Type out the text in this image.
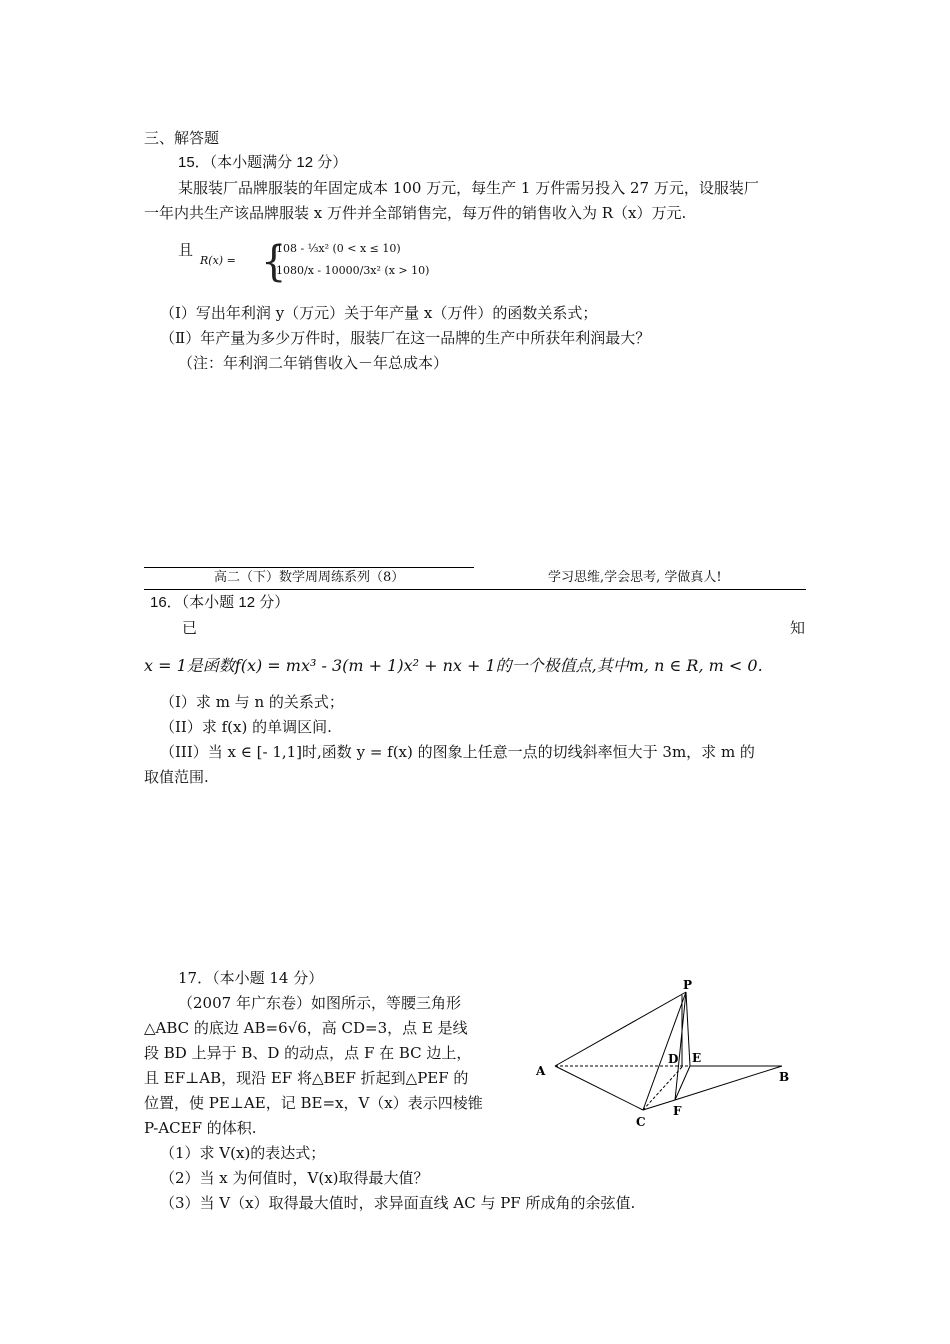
三、解答题
15．（本小题满分 12 分）
某服装厂品牌服装的年固定成本 100 万元，每生产 1 万件需另投入 27 万元，设服装厂
一年内共生产该品牌服装 x 万件并全部销售完，每万件的销售收入为 R（x）万元.
且
R(x) = {
108 - ⅓x² (0 < x ≤ 10)
1080/x - 10000/3x² (x > 10)
（Ⅰ）写出年利润 y（万元）关于年产量 x（万件）的函数关系式；
（Ⅱ）年产量为多少万件时，服装厂在这一品牌的生产中所获年利润最大？
（注：年利润二年销售收入－年总成本）
高二（下）数学周周练系列（8）	学习思维,学会思考, 学做真人!
16．（本小题 12 分）
已	知
x = 1是函数f(x) = mx³ - 3(m + 1)x² + nx + 1的一个极值点,其中m, n ∈ R, m < 0.
（I）求 m 与 n 的关系式；
（II）求 f(x) 的单调区间.
（III）当 x ∈ [- 1,1]时,函数 y = f(x) 的图象上任意一点的切线斜率恒大于 3m，求 m 的
取值范围.
17．（本小题 14 分）
（2007 年广东卷）如图所示，等腰三角形
△ABC 的底边 AB=6√6，高 CD=3，点 E 是线
段 BD 上异于 B、D 的动点，点 F 在 BC 边上，
且 EF⊥AB，现沿 EF 将△BEF 折起到△PEF 的
位置，使 PE⊥AE，记 BE=x，V（x）表示四棱锥
P-ACEF 的体积.
（1）求 V(x)的表达式；
（2）当 x 为何值时，V(x)取得最大值？
（3）当 V（x）取得最大值时，求异面直线 AC 与 PF 所成角的余弦值.
P
A	B
C
D E
F
